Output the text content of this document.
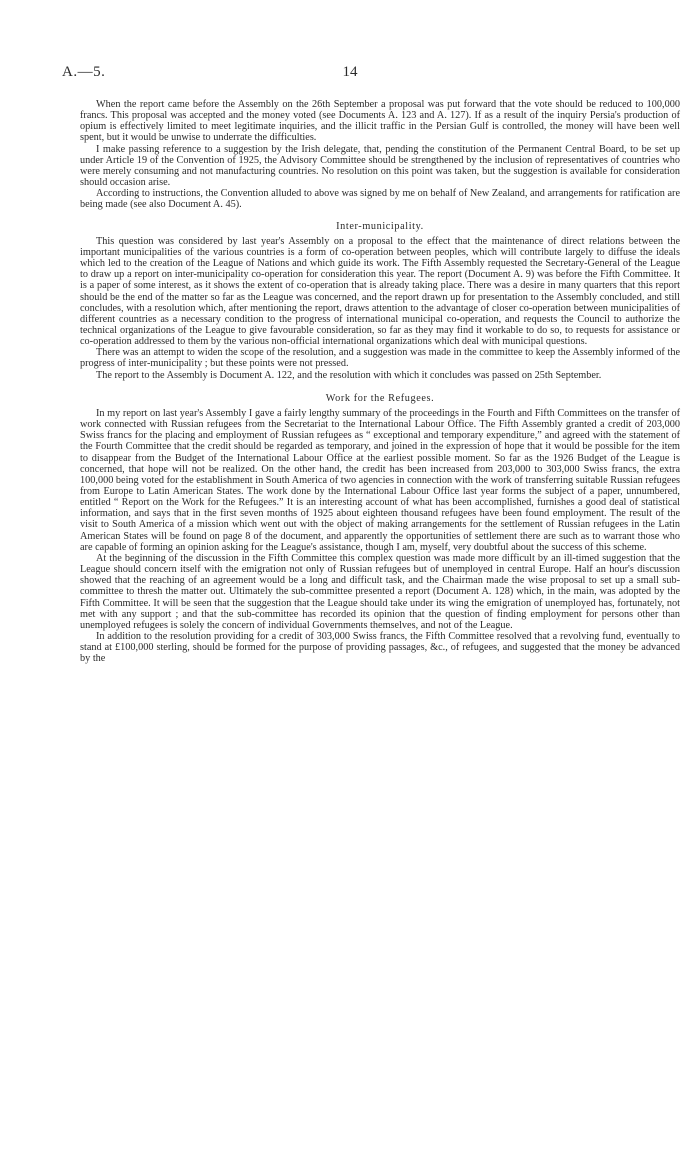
A.—5.	14

When the report came before the Assembly on the 26th September a proposal was put forward that the vote should be reduced to 100,000 francs. This proposal was accepted and the money voted (see Documents A. 123 and A. 127). If as a result of the inquiry Persia's production of opium is effectively limited to meet legitimate inquiries, and the illicit traffic in the Persian Gulf is controlled, the money will have been well spent, but it would be unwise to underrate the difficulties.

I make passing reference to a suggestion by the Irish delegate, that, pending the constitution of the Permanent Central Board, to be set up under Article 19 of the Convention of 1925, the Advisory Committee should be strengthened by the inclusion of representatives of countries who were merely consuming and not manufacturing countries. No resolution on this point was taken, but the suggestion is available for consideration should occasion arise.

According to instructions, the Convention alluded to above was signed by me on behalf of New Zealand, and arrangements for ratification are being made (see also Document A. 45).

Inter-municipality.

This question was considered by last year's Assembly on a proposal to the effect that the maintenance of direct relations between the important municipalities of the various countries is a form of co-operation between peoples, which will contribute largely to diffuse the ideals which led to the creation of the League of Nations and which guide its work. The Fifth Assembly requested the Secretary-General of the League to draw up a report on inter-municipality co-operation for consideration this year. The report (Document A. 9) was before the Fifth Committee. It is a paper of some interest, as it shows the extent of co-operation that is already taking place. There was a desire in many quarters that this report should be the end of the matter so far as the League was concerned, and the report drawn up for presentation to the Assembly concluded, and still concludes, with a resolution which, after mentioning the report, draws attention to the advantage of closer co-operation between municipalities of different countries as a necessary condition to the progress of international municipal co-operation, and requests the Council to authorize the technical organizations of the League to give favourable consideration, so far as they may find it workable to do so, to requests for assistance or co-operation addressed to them by the various non-official international organizations which deal with municipal questions.

There was an attempt to widen the scope of the resolution, and a suggestion was made in the committee to keep the Assembly informed of the progress of inter-municipality ; but these points were not pressed.

The report to the Assembly is Document A. 122, and the resolution with which it concludes was passed on 25th September.

Work for the Refugees.

In my report on last year's Assembly I gave a fairly lengthy summary of the proceedings in the Fourth and Fifth Committees on the transfer of work connected with Russian refugees from the Secretariat to the International Labour Office. The Fifth Assembly granted a credit of 203,000 Swiss francs for the placing and employment of Russian refugees as “ exceptional and temporary expenditure,” and agreed with the statement of the Fourth Committee that the credit should be regarded as temporary, and joined in the expression of hope that it would be possible for the item to disappear from the Budget of the International Labour Office at the earliest possible moment. So far as the 1926 Budget of the League is concerned, that hope will not be realized. On the other hand, the credit has been increased from 203,000 to 303,000 Swiss francs, the extra 100,000 being voted for the establishment in South America of two agencies in connection with the work of transferring suitable Russian refugees from Europe to Latin American States. The work done by the International Labour Office last year forms the subject of a paper, unnumbered, entitled “ Report on the Work for the Refugees.” It is an interesting account of what has been accomplished, furnishes a good deal of statistical information, and says that in the first seven months of 1925 about eighteen thousand refugees have been found employment. The result of the visit to South America of a mission which went out with the object of making arrangements for the settlement of Russian refugees in the Latin American States will be found on page 8 of the document, and apparently the opportunities of settlement there are such as to warrant those who are capable of forming an opinion asking for the League's assistance, though I am, myself, very doubtful about the success of this scheme.

At the beginning of the discussion in the Fifth Committee this complex question was made more difficult by an ill-timed suggestion that the League should concern itself with the emigration not only of Russian refugees but of unemployed in central Europe. Half an hour's discussion showed that the reaching of an agreement would be a long and difficult task, and the Chairman made the wise proposal to set up a small sub-committee to thresh the matter out. Ultimately the sub-committee presented a report (Document A. 128) which, in the main, was adopted by the Fifth Committee. It will be seen that the suggestion that the League should take under its wing the emigration of unemployed has, fortunately, not met with any support ; and that the sub-committee has recorded its opinion that the question of finding employment for persons other than unemployed refugees is solely the concern of individual Governments themselves, and not of the League.

In addition to the resolution providing for a credit of 303,000 Swiss francs, the Fifth Committee resolved that a revolving fund, eventually to stand at £100,000 sterling, should be formed for the purpose of providing passages, &c., of refugees, and suggested that the money be advanced by the
